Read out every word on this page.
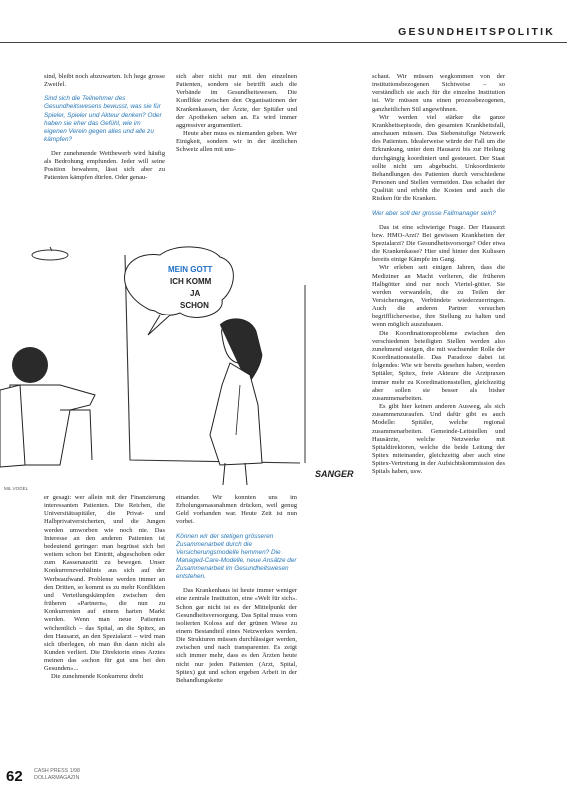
GESUNDHEITSPOLITIK

sind, bleibt noch abzuwarten. Ich hege grosse Zweifel.

Sind sich die Teilnehmer des Gesundheitswesens bewusst, was sie für Spieler, Spieler und Akteur denken? Oder haben sie eher das Gefühl, wie im eigenen Verein gegen alles und alle zu kämpfen?

Der zunehmende Wettbewerb wird häufig als Bedrohung empfunden. Jeder will seine Position bewahren, lässt sich aber zu Patienten kämpfen dürfen. Oder genau-

sich aber nicht nur mit den einzelnen Patienten, sondern sie betrifft auch die Verbände im Gesundheitswesen. Die Konflikte zwischen den Organisationen der Krankenkassen, der Ärzte, der Spitäler und der Apotheken sehen an. Es wird immer aggressiver argumentiert.

Heute aber muss es niemanden geben. Wer Einigkeit, sondern wir in der ärztlichen Schweiz allen mit uns-

schaut. Wir müssen wegkommen von der institutionsbezogenen Sichtweise – so verständlich sie auch für die einzelne Institution ist. Wir müssen uns einen prozessbezogenen, ganzheitlichen Stil angewöhnen.

Wir werden viel stärker die ganze Krankheitsepisode, den gesamten Krankheitsfall, anschauen müssen. Das Siebenstufige Netzwerk des Patienten. Idealerweise würde der Fall um die Erkrankung, unter dem Hausarzt bis zur Heilung durchgängig koordiniert und gesteuert. Der Staat sollte nicht um abgebucht. Unkoordinierte Behandlungen des Patienten durch verschiedene Personen und Stellen vermeiden. Das schadet der Qualität und erhöht die Kosten und auch die Risiken für die Kranken.

Wer aber soll der grosse Fallmanager sein?

Das ist eine schwierige Frage. Der Hausarzt bzw. HMO-Arzt? Bei gewissen Krankheiten der Spezialarzt? Die Gesundheitsvorsorge? Oder etwa die Krankenkasse? Hier sind hinter den Kulissen bereits einige Kämpfe im Gang.

Wir erleben seit einigen Jahren, dass die Mediziner an Macht verlieren, die früheren Halbgötter sind nur noch Viertel-götter. Sie werden verwandeln, die zu Teilen der Versicherungen, Verbündete wiederzuerringen. Auch die anderen Partner versuchen begrifflicherweise, ihre Stellung zu halten und wenn möglich auszubauen.

Die Koordinationsprobleme zwischen den verschiedenen beteiligten Stellen werden also zunehmend steigen, die mit wachsender Rolle der Koordinationsstelle. Das Paradoxe dabei ist folgendes: Wie wir bereits gesehen haben, werden Spitäler, Spitex, freie Akteure die Arztpraxen immer mehr zu Koordinationsstellen, gleichzeitig aber sollen sie besser als bisher zusammenarbeiten.

Es gibt hier keinen anderen Ausweg, als sich zusammenzuraufen. Und dafür gibt es auch Modelle: Spitäler, welche regional zusammenarbeiten. Gemeinde-Leitstellen und Hausärzte, welche Netzwerke mit Spitaldirektoren, welche die beide Leitung der Spitex miteinander, gleichzeitig aber auch eine Spitex-Vertretung in der Aufsichtskommission des Spitals haben, usw.

MEIN GOTT
ICH KOMM
JA
SCHON
SANGER
MIL VOGEL

er gesagt: wer allein mit der Finanzierung interessanten Patienten. Die Reichen, die Universitätsspitäler, die Privat- und Halbprivatversicherten, und die Jungen werden umworben wie noch nie. Das Interesse an den anderen Patienten ist bedeutend geringer: man begrüsst sich bei weitem schon bei Eintritt, abgeschoben oder zum Kassenausritt zu bewegen. Unser Konkurrenzverhältnis aus sich auf der Werbeaufwand. Probleme werden immer an den Dritten, so kommt es zu mehr Konflikten und Verteilungskämpfen zwischen den früheren «Partnern», die nun zu Konkurrenten auf einem harten Markt werden. Wenn man neue Patienten wöchentlich – das Spital, an die Spitex, an den Hausarzt, an den Spezialarzt – wird man sich überlegen, ob man ihn dann nicht als Kunden verliert. Die Direktorin eines Arztes meinen das «schon für gut uns bei den Gesunden»...

Die zunehmende Konkurrenz dreht

einander. Wir konnten uns im Erholungsmassnahmen drücken, weil genug Geld vorhanden war. Heute Zeit ist nun vorbei.

Können wir der stetigen grösseren Zusammenarbeit durch die Versicherungsmodelle hemmen? Die Managed-Care-Modelle, neue Ansätze der Zusammenarbeit im Gesundheitswesen entstehen.

Das Krankenhaus ist heute immer weniger eine zentrale Institution, eine «Welt für sich». Schon gar nicht ist es der Mittelpunkt der Gesundheitsversorgung. Das Spital muss vom isolierten Koloss auf der grünen Wiese zu einem Bestandteil eines Netzwerkes werden. Die Strukturen müssen durchlässiger werden, zwischen und nach transparenter. Es zeigt sich immer mehr, dass es den Ärzten heute nicht nur jeden Patienten (Arzt, Spital, Spitex) gut und schon ergeben Arbeit in der Behandlungskette

62 CASH PRESS 1/98
DOLLARMAGAZIN
